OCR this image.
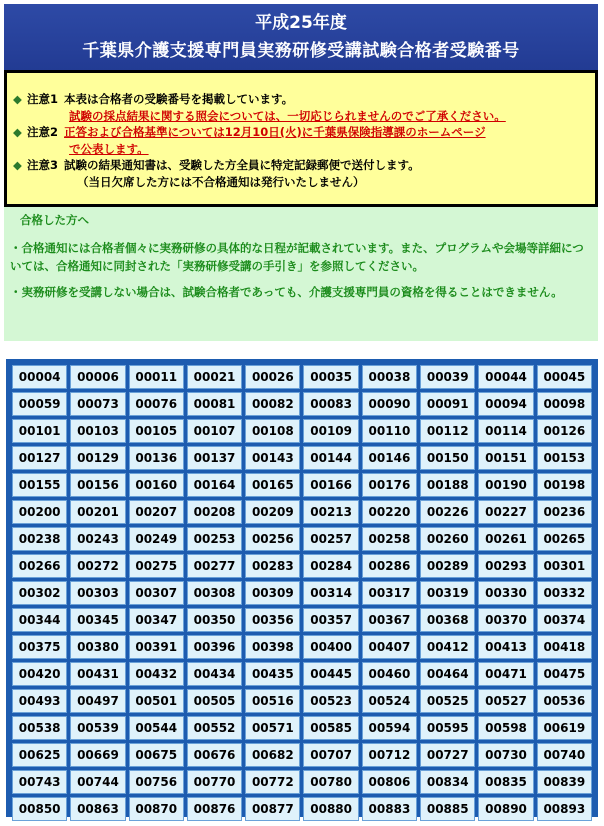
平成25年度
千葉県介護支援専門員実務研修受講試験合格者受験番号
◆ 注意1 本表は合格者の受験番号を掲載しています。
試験の採点結果に関する照会については、一切応じられませんのでご了承ください。
◆ 注意2 正答および合格基準については12月10日(火)に千葉県保険指導課のホームページ
で公表します。
◆ 注意3 試験の結果通知書は、受験した方全員に特定記録郵便で送付します。
（当日欠席した方には不合格通知は発行いたしません）
合格した方へ

・合格通知には合格者個々に実務研修の具体的な日程が記載されています。また、プログラムや会場等詳細については、合格通知に同封された「実務研修受講の手引き」を参照してください。

・実務研修を受講しない場合は、試験合格者であっても、介護支援専門員の資格を得ることはできません。

00004	00006	00011	00021	00026	00035	00038	00039	00044	00045
00059	00073	00076	00081	00082	00083	00090	00091	00094	00098
00101	00103	00105	00107	00108	00109	00110	00112	00114	00126
00127	00129	00136	00137	00143	00144	00146	00150	00151	00153
00155	00156	00160	00164	00165	00166	00176	00188	00190	00198
00200	00201	00207	00208	00209	00213	00220	00226	00227	00236
00238	00243	00249	00253	00256	00257	00258	00260	00261	00265
00266	00272	00275	00277	00283	00284	00286	00289	00293	00301
00302	00303	00307	00308	00309	00314	00317	00319	00330	00332
00344	00345	00347	00350	00356	00357	00367	00368	00370	00374
00375	00380	00391	00396	00398	00400	00407	00412	00413	00418
00420	00431	00432	00434	00435	00445	00460	00464	00471	00475
00493	00497	00501	00505	00516	00523	00524	00525	00527	00536
00538	00539	00544	00552	00571	00585	00594	00595	00598	00619
00625	00669	00675	00676	00682	00707	00712	00727	00730	00740
00743	00744	00756	00770	00772	00780	00806	00834	00835	00839
00850	00863	00870	00876	00877	00880	00883	00885	00890	00893
